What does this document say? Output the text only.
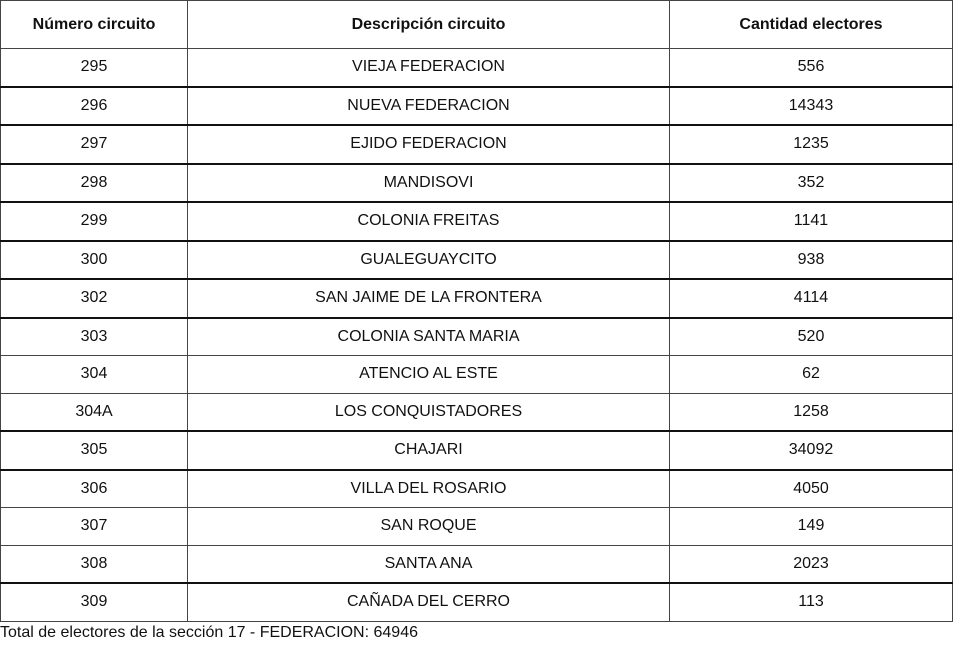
Número circuito	Descripción circuito	Cantidad electores
295	VIEJA FEDERACION	556
296	NUEVA FEDERACION	14343
297	EJIDO FEDERACION	1235
298	MANDISOVI	352
299	COLONIA FREITAS	1141
300	GUALEGUAYCITO	938
302	SAN JAIME DE LA FRONTERA	4114
303	COLONIA SANTA MARIA	520
304	ATENCIO AL ESTE	62
304A	LOS CONQUISTADORES	1258
305	CHAJARI	34092
306	VILLA DEL ROSARIO	4050
307	SAN ROQUE	149
308	SANTA ANA	2023
309	CAÑADA DEL CERRO	113
Total de electores de la sección 17 - FEDERACION: 64946
